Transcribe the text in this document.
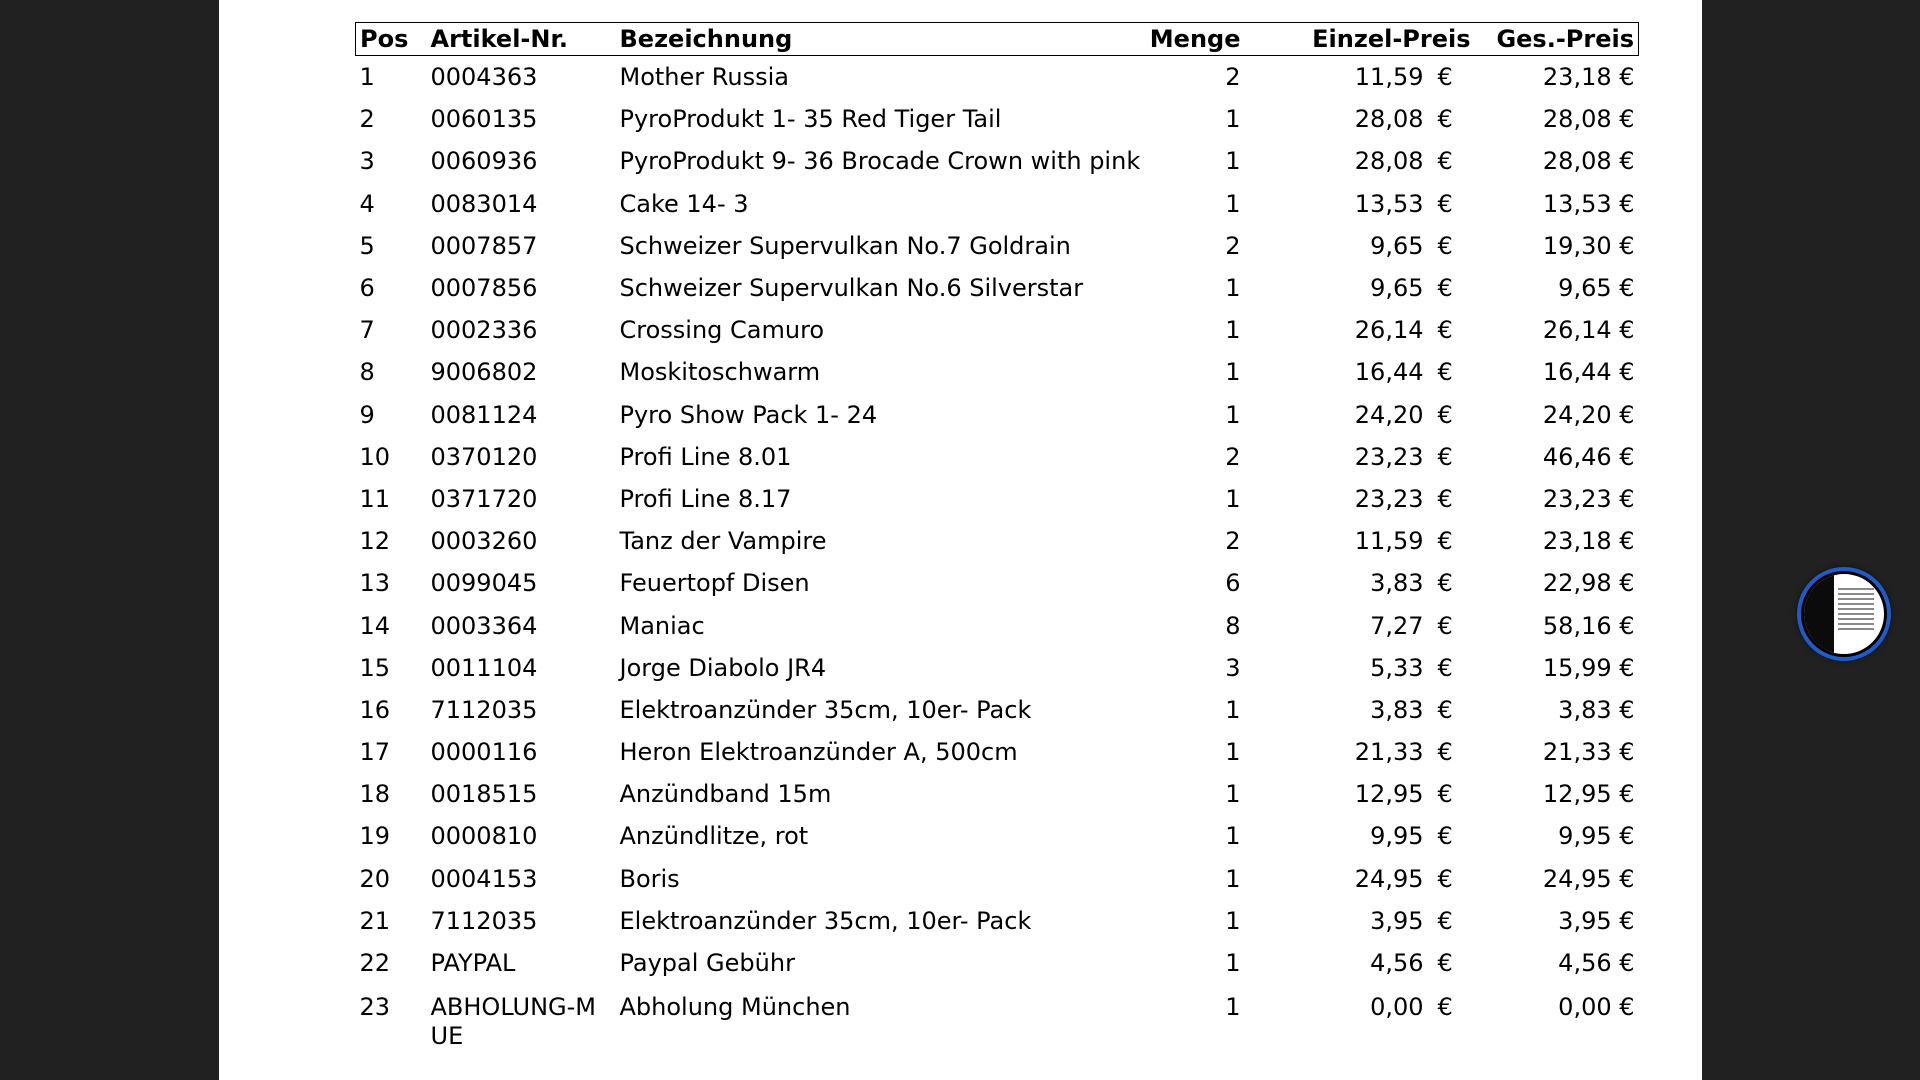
Pos	Artikel-Nr.	Bezeichnung	Menge	Einzel-Preis		Ges.-Preis
1	0004363	Mother Russia	2	11,59	€	23,18 €
2	0060135	PyroProdukt 1- 35 Red Tiger Tail	1	28,08	€	28,08 €
3	0060936	PyroProdukt 9- 36 Brocade Crown with pink	1	28,08	€	28,08 €
4	0083014	Cake 14- 3	1	13,53	€	13,53 €
5	0007857	Schweizer Supervulkan No.7 Goldrain	2	9,65	€	19,30 €
6	0007856	Schweizer Supervulkan No.6 Silverstar	1	9,65	€	9,65 €
7	0002336	Crossing Camuro	1	26,14	€	26,14 €
8	9006802	Moskitoschwarm	1	16,44	€	16,44 €
9	0081124	Pyro Show Pack 1- 24	1	24,20	€	24,20 €
10	0370120	Profi Line 8.01	2	23,23	€	46,46 €
11	0371720	Profi Line 8.17	1	23,23	€	23,23 €
12	0003260	Tanz der Vampire	2	11,59	€	23,18 €
13	0099045	Feuertopf Disen	6	3,83	€	22,98 €
14	0003364	Maniac	8	7,27	€	58,16 €
15	0011104	Jorge Diabolo JR4	3	5,33	€	15,99 €
16	7112035	Elektroanzünder 35cm, 10er- Pack	1	3,83	€	3,83 €
17	0000116	Heron Elektroanzünder A, 500cm	1	21,33	€	21,33 €
18	0018515	Anzündband 15m	1	12,95	€	12,95 €
19	0000810	Anzündlitze, rot	1	9,95	€	9,95 €
20	0004153	Boris	1	24,95	€	24,95 €
21	7112035	Elektroanzünder 35cm, 10er- Pack	1	3,95	€	3,95 €
22	PAYPAL	Paypal Gebühr	1	4,56	€	4,56 €
23	ABHOLUNG-MUE	Abholung München	1	0,00	€	0,00 €
